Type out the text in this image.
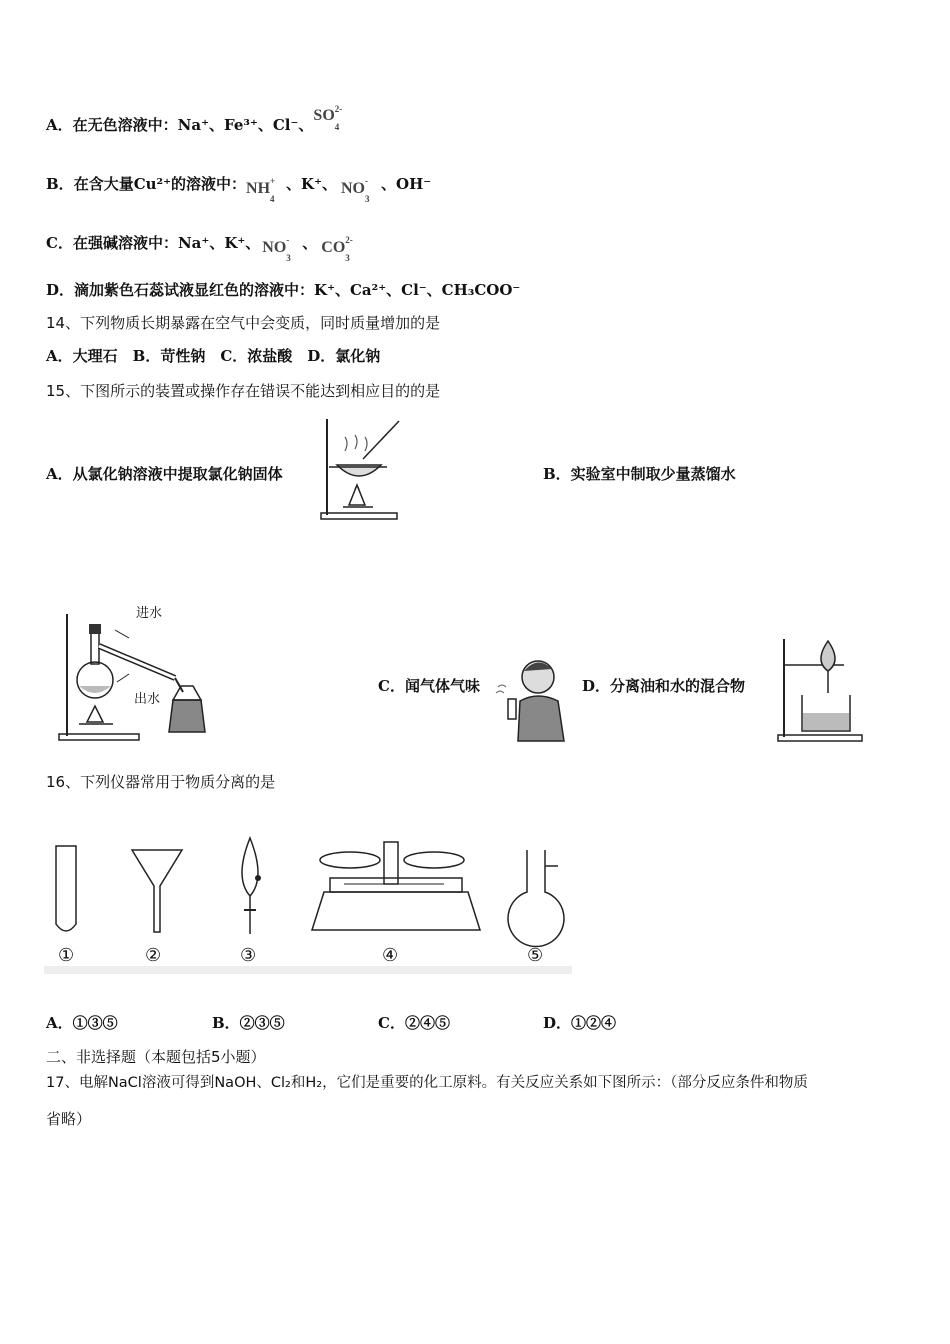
A．在无色溶液中：Na⁺、Fe³⁺、Cl⁻、SO 2-
4
B．在含大量Cu²⁺的溶液中： NH +
4
、K⁺、 NO -
3
、OH⁻
C．在强碱溶液中：Na⁺、K⁺、 NO -
3
、 CO 2-
3
D．滴加紫色石蕊试液显红色的溶液中：K⁺、Ca²⁺、Cl⁻、CH₃COO⁻
14、下列物质长期暴露在空气中会变质，同时质量增加的是
A．大理石　B．苛性钠　C．浓盐酸　D．氯化钠
15、下图所示的装置或操作存在错误不能达到相应目的的是
A．从氯化钠溶液中提取氯化钠固体	B．实验室中制取少量蒸馏水
C．闻气体气味	D．分离油和水的混合物
进水
出水
16、下列仪器常用于物质分离的是
①	②	③	④	⑤
A．①③⑤	B．②③⑤	C．②④⑤	D．①②④
二、非选择题（本题包括5小题）
17、电解NaCl溶液可得到NaOH、Cl₂和H₂，它们是重要的化工原料。有关反应关系如下图所示：（部分反应条件和物质
省略）
